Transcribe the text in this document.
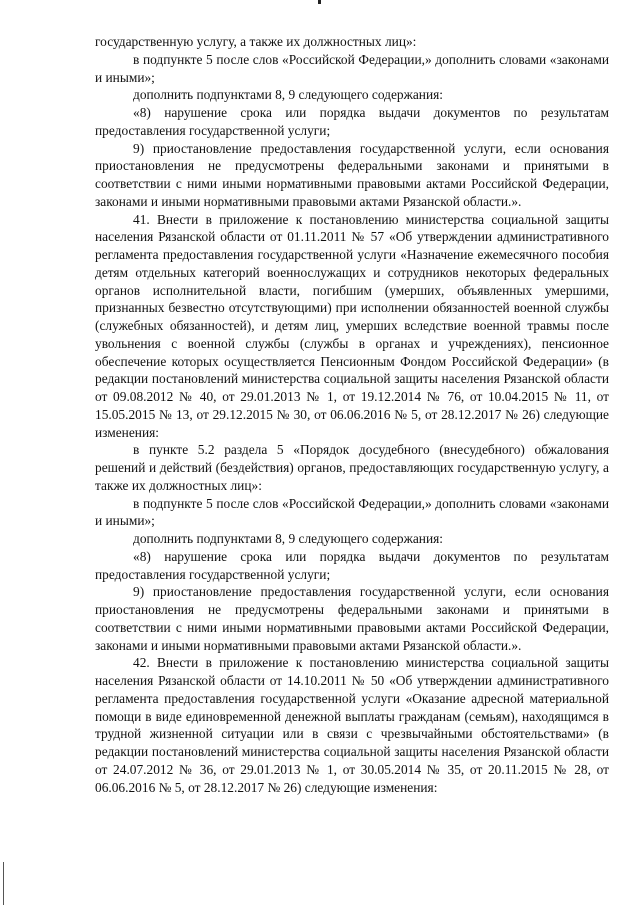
государственную услугу, а также их должностных лиц»:

в подпункте 5 после слов «Российской Федерации,» дополнить словами «законами и иными»;

дополнить подпунктами 8, 9 следующего содержания:

«8) нарушение срока или порядка выдачи документов по результатам предоставления государственной услуги;

9) приостановление предоставления государственной услуги, если основания приостановления не предусмотрены федеральными законами и принятыми в соответствии с ними иными нормативными правовыми актами Российской Федерации, законами и иными нормативными правовыми актами Рязанской области.».

41. Внести в приложение к постановлению министерства социальной защиты населения Рязанской области от 01.11.2011 № 57 «Об утверждении административного регламента предоставления государственной услуги «Назначение ежемесячного пособия детям отдельных категорий военнослужащих и сотрудников некоторых федеральных органов исполнительной власти, погибшим (умерших, объявленных умершими, признанных безвестно отсутствующими) при исполнении обязанностей военной службы (служебных обязанностей), и детям лиц, умерших вследствие военной травмы после увольнения с военной службы (службы в органах и учреждениях), пенсионное обеспечение которых осуществляется Пенсионным Фондом Российской Федерации» (в редакции постановлений министерства социальной защиты населения Рязанской области от 09.08.2012 № 40, от 29.01.2013 № 1, от 19.12.2014 № 76, от 10.04.2015 № 11, от 15.05.2015 № 13, от 29.12.2015 № 30, от 06.06.2016 № 5, от 28.12.2017 № 26) следующие изменения:

в пункте 5.2 раздела 5 «Порядок досудебного (внесудебного) обжалования решений и действий (бездействия) органов, предоставляющих государственную услугу, а также их должностных лиц»:

в подпункте 5 после слов «Российской Федерации,» дополнить словами «законами и иными»;

дополнить подпунктами 8, 9 следующего содержания:

«8) нарушение срока или порядка выдачи документов по результатам предоставления государственной услуги;

9) приостановление предоставления государственной услуги, если основания приостановления не предусмотрены федеральными законами и принятыми в соответствии с ними иными нормативными правовыми актами Российской Федерации, законами и иными нормативными правовыми актами Рязанской области.».

42. Внести в приложение к постановлению министерства социальной защиты населения Рязанской области от 14.10.2011 № 50 «Об утверждении административного регламента предоставления государственной услуги «Оказание адресной материальной помощи в виде единовременной денежной выплаты гражданам (семьям), находящимся в трудной жизненной ситуации или в связи с чрезвычайными обстоятельствами» (в редакции постановлений министерства социальной защиты населения Рязанской области от 24.07.2012 № 36, от 29.01.2013 № 1, от 30.05.2014 № 35, от 20.11.2015 № 28, от 06.06.2016 № 5, от 28.12.2017 № 26) следующие изменения:
